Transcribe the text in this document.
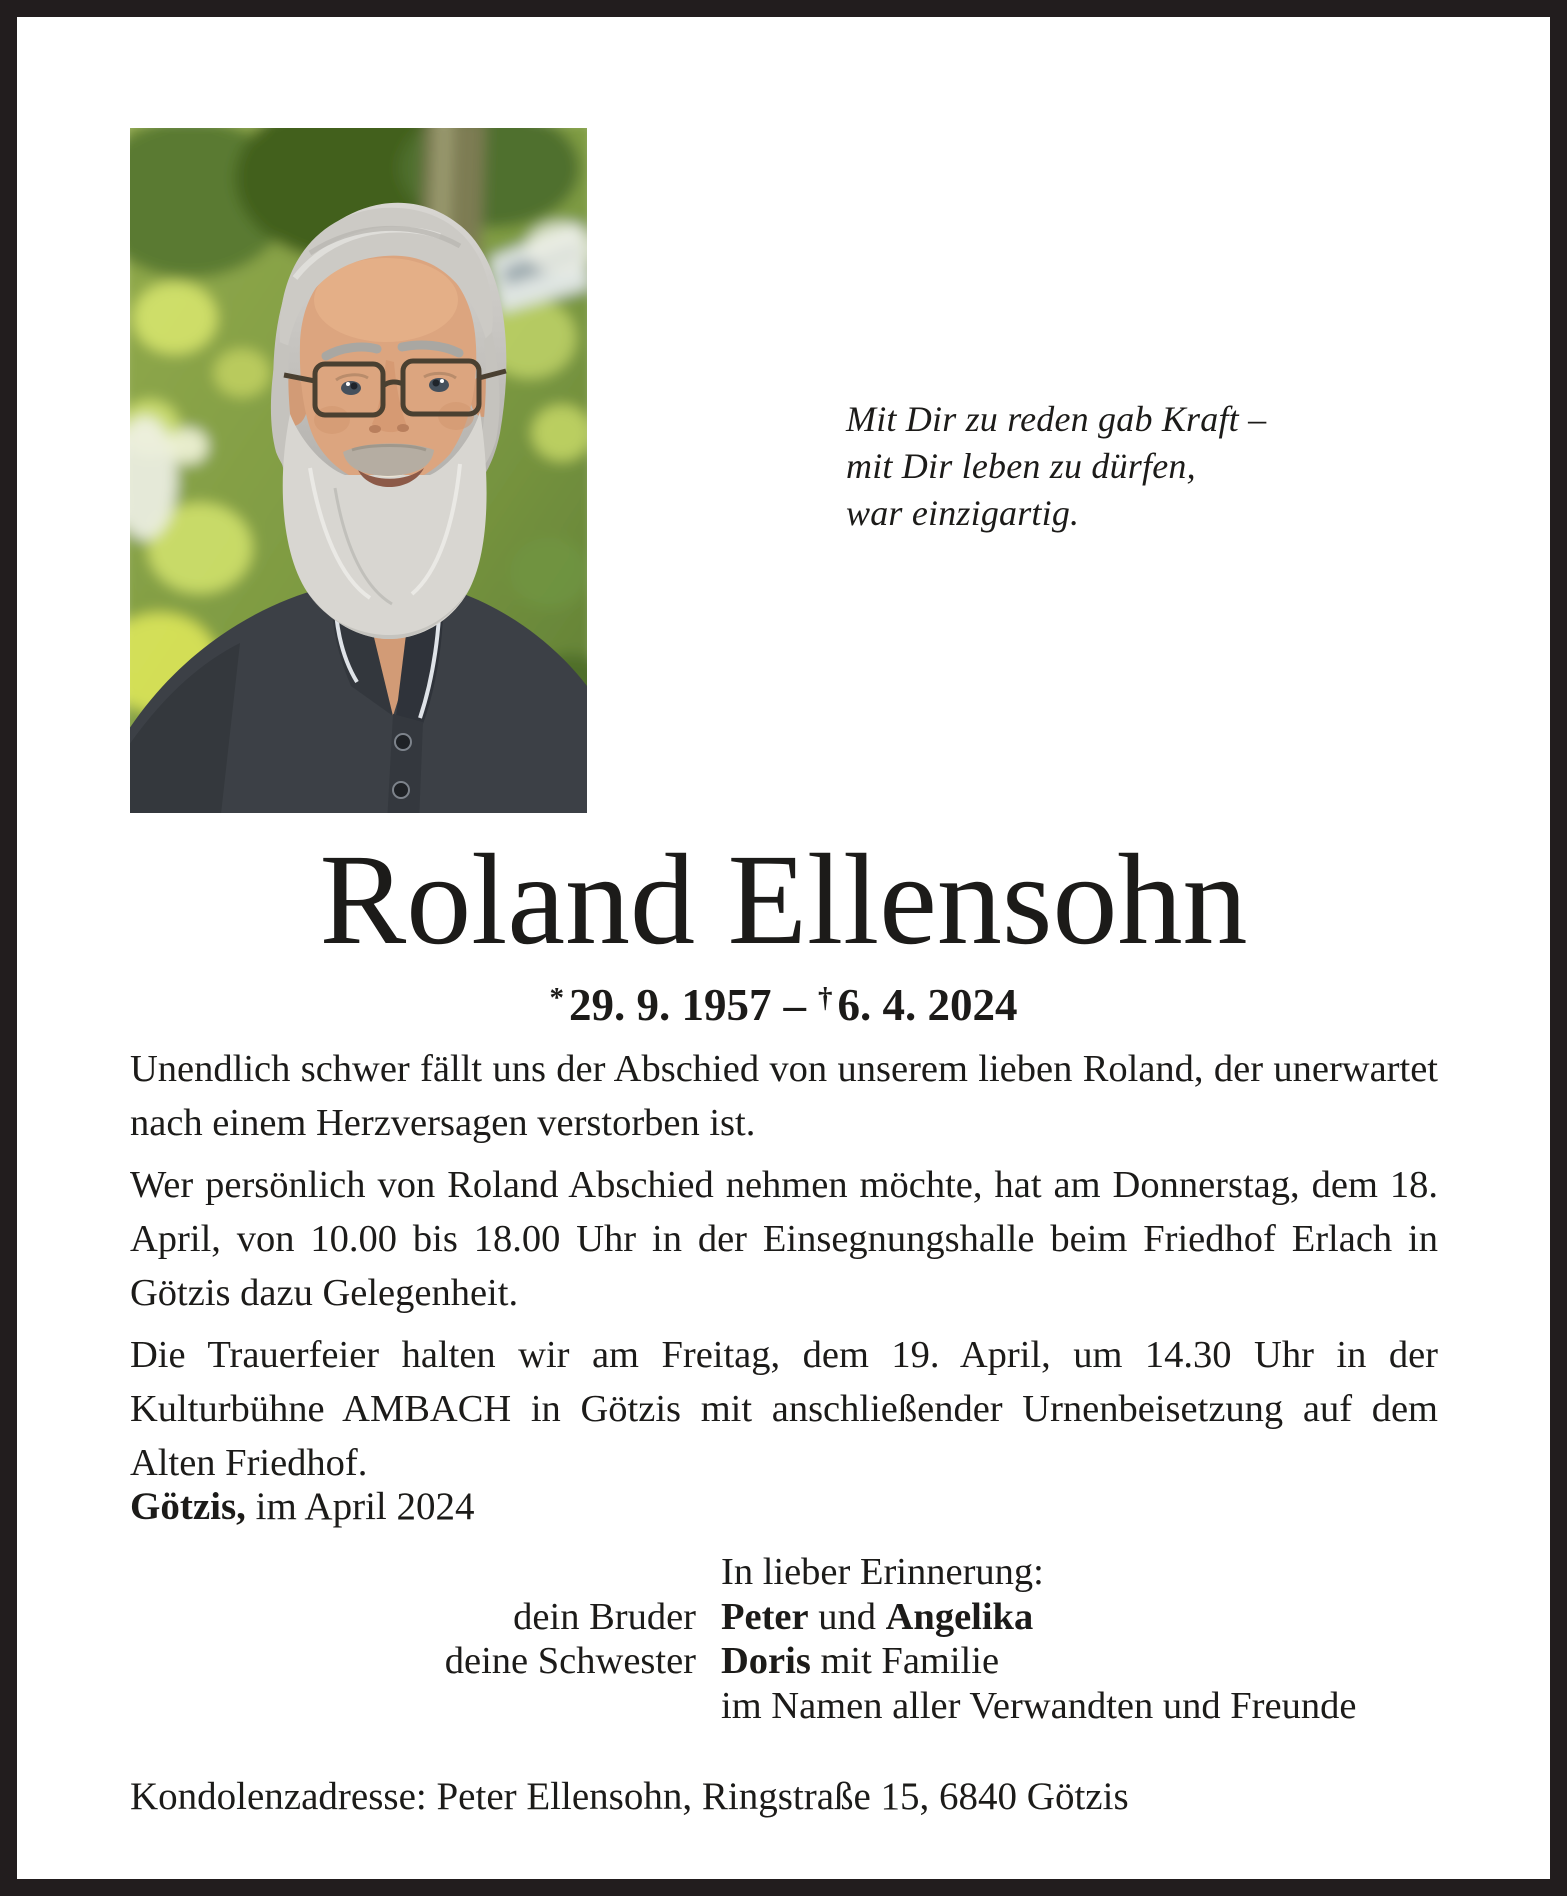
Mit Dir zu reden gab Kraft –
mit Dir leben zu dürfen,
war einzigartig.
Roland Ellensohn
* 29. 9. 1957 – † 6. 4. 2024

Unendlich schwer fällt uns der Abschied von unserem lieben Roland, der unerwartet nach einem Herzversagen verstorben ist.

Wer persönlich von Roland Abschied nehmen möchte, hat am Donnerstag, dem 18. April, von 10.00 bis 18.00 Uhr in der Einsegnungshalle beim Friedhof Erlach in Götzis dazu Gelegenheit.

Die Trauerfeier halten wir am Freitag, dem 19. April, um 14.30 Uhr in der Kulturbühne AMBACH in Götzis mit anschließender Urnenbeisetzung auf dem Alten Friedhof.

Götzis, im April 2024
In lieber Erinnerung:
dein Bruder Peter und Angelika
deine Schwester Doris mit Familie
im Namen aller Verwandten und Freunde
Kondolenzadresse: Peter Ellensohn, Ringstraße 15, 6840 Götzis
